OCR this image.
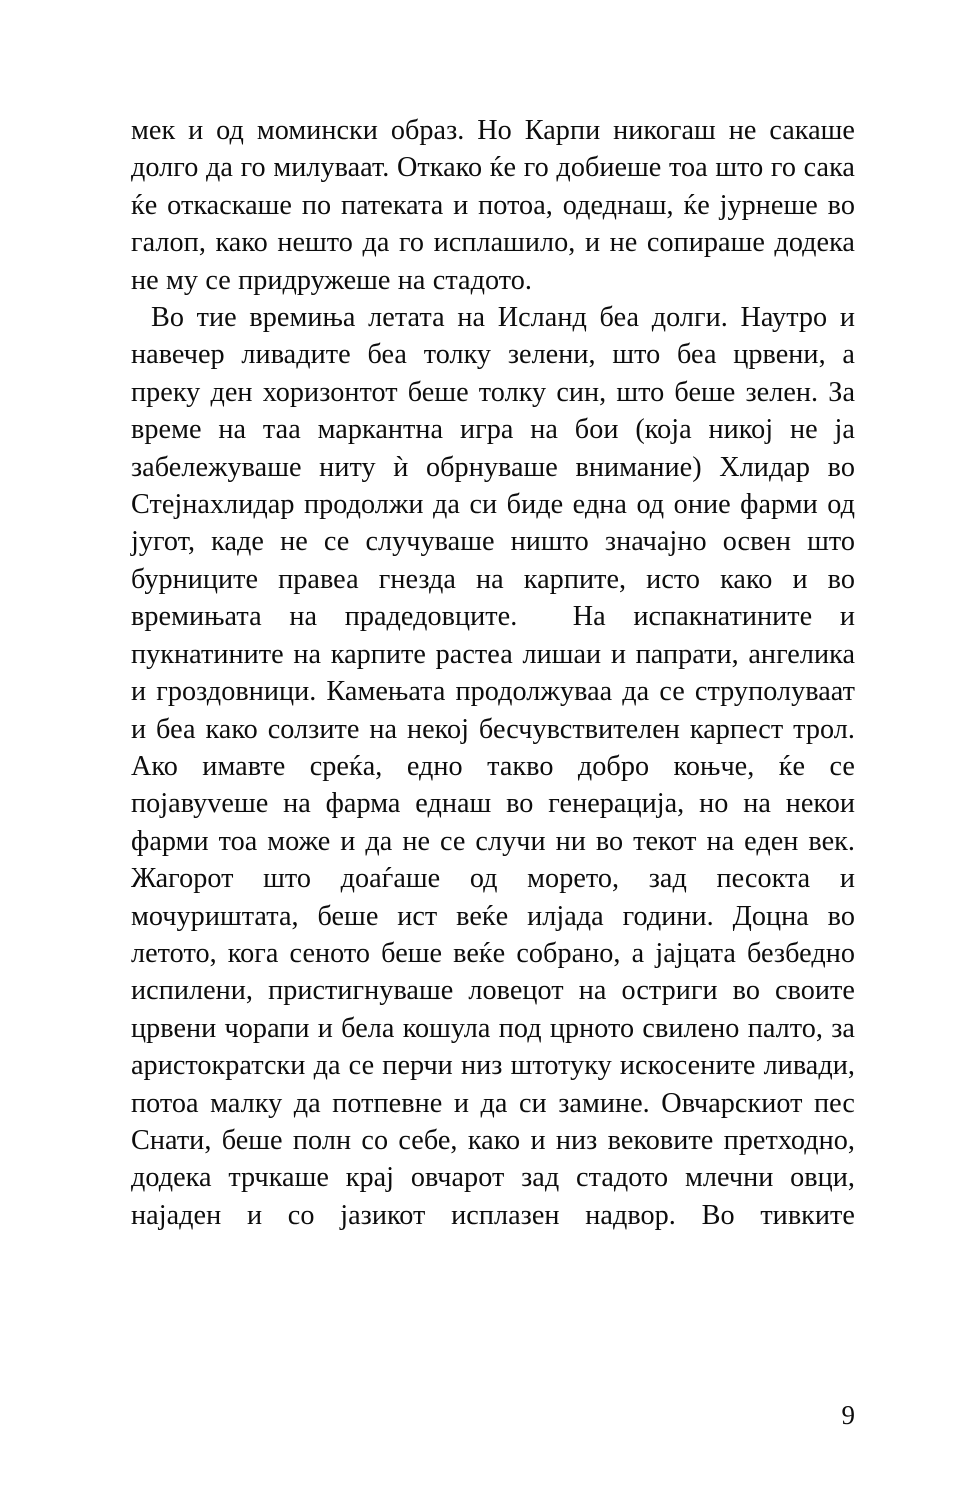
мек и од момински образ. Но Карпи никогаш не сакаше долго да го милуваат. Откако ќе го добиеше тоа што го сака ќе откаскаше по патеката и потоа, одеднаш, ќе јурнеше во галоп, како нешто да го исплашило, и не сопираше додека не му се придружеше на стадото.

Во тие времиња летата на Исланд беа долги. Наутро и навечер ливадите беа толку зелени, што беа црвени, а преку ден хоризонтот беше толку син, што беше зелен. За време на таа маркантна игра на бои (која никој не ја забележуваше ниту ѝ обрнуваше внимание) Хлидар во Стејнахлидар продолжи да си биде една од оние фарми од југот, каде не се случуваше ништо значајно освен што бурниците правеа гнезда на карпите, исто како и во времињата на прадедовците.  На испакнатините и пукнатините на карпите растеа лишаи и папрати, ангелика и гроздовници. Камењата продолжуваа да се струполуваат и беа како солзите на некој бесчувствителен карпест трол. Ако имавте среќа, едно такво добро коњче, ќе се појавуveше на фарма еднаш во генерација, но на некои фарми тоа може и да не се случи ни во текот на еден век. Жагорот што доаѓаше од морето, зад песокта и мочуриштата, беше ист веќе илјада години. Доцна во летото, кога сеното беше веќе собрано, а јајцата безбедно испилени, пристигнуваше ловецот на остриги во своите црвени чорапи и бела кошула под црното свилено палто, за аристократски да се перчи низ штотуку искосените ливади, потоа малку да потпевне и да си замине. Овчарскиот пес Снати, беше полн со себе, како и низ вековите претходно, додека трчкаше крај овчарот зад стадото млечни овци, најаден и со јазикот исплазен надвор. Во тивките

9
